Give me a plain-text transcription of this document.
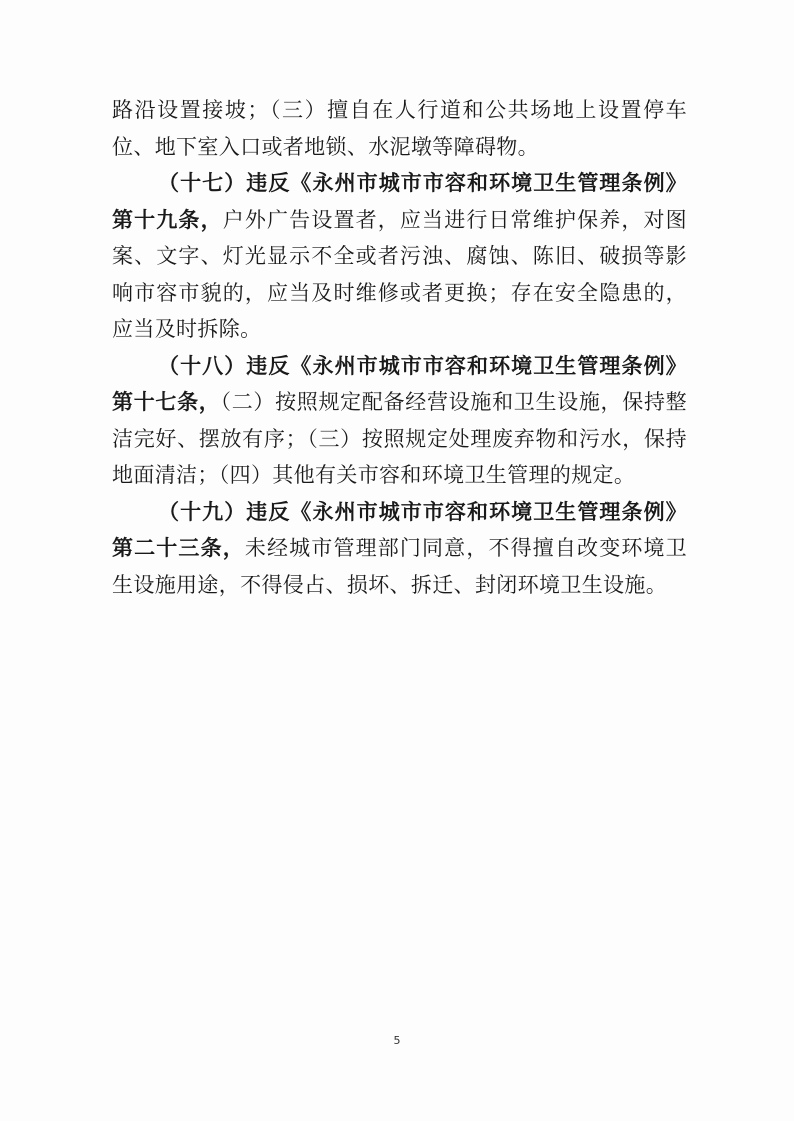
路沿设置接坡；（三）擅自在人行道和公共场地上设置停车位、地下室入口或者地锁、水泥墩等障碍物。

（十七）违反《永州市城市市容和环境卫生管理条例》第十九条，户外广告设置者，应当进行日常维护保养，对图案、文字、灯光显示不全或者污浊、腐蚀、陈旧、破损等影响市容市貌的，应当及时维修或者更换；存在安全隐患的，应当及时拆除。

（十八）违反《永州市城市市容和环境卫生管理条例》第十七条，（二）按照规定配备经营设施和卫生设施，保持整洁完好、摆放有序；（三）按照规定处理废弃物和污水，保持地面清洁；（四）其他有关市容和环境卫生管理的规定。

（十九）违反《永州市城市市容和环境卫生管理条例》第二十三条，未经城市管理部门同意，不得擅自改变环境卫生设施用途，不得侵占、损坏、拆迁、封闭环境卫生设施。

5
